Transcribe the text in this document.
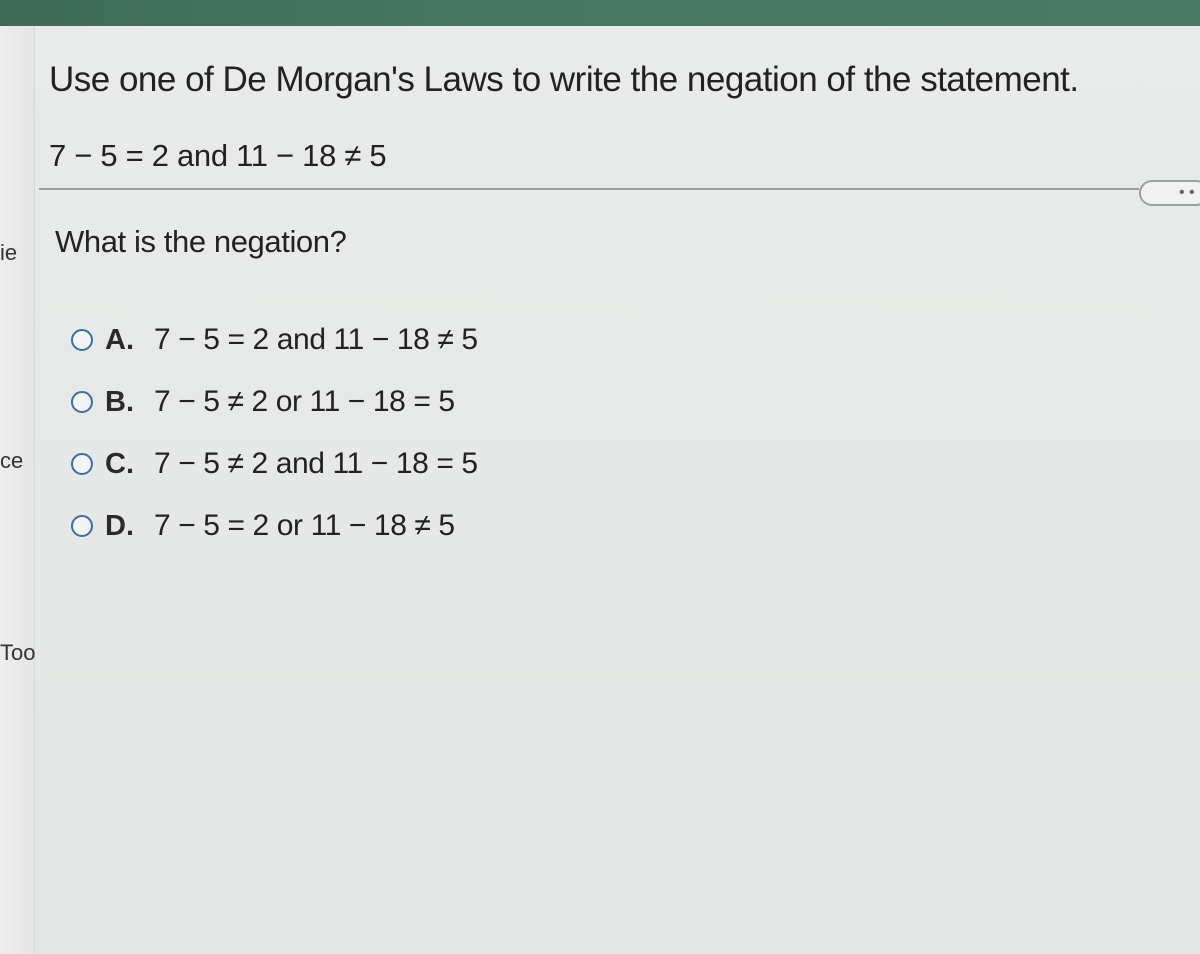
ie
ce
Too
Use one of De Morgan's Laws to write the negation of the statement.
7 − 5 = 2 and 11 − 18 ≠ 5
• •
What is the negation?
A. 7 − 5 = 2 and 11 − 18 ≠ 5
B. 7 − 5 ≠ 2 or 11 − 18 = 5
C. 7 − 5 ≠ 2 and 11 − 18 = 5
D. 7 − 5 = 2 or 11 − 18 ≠ 5
